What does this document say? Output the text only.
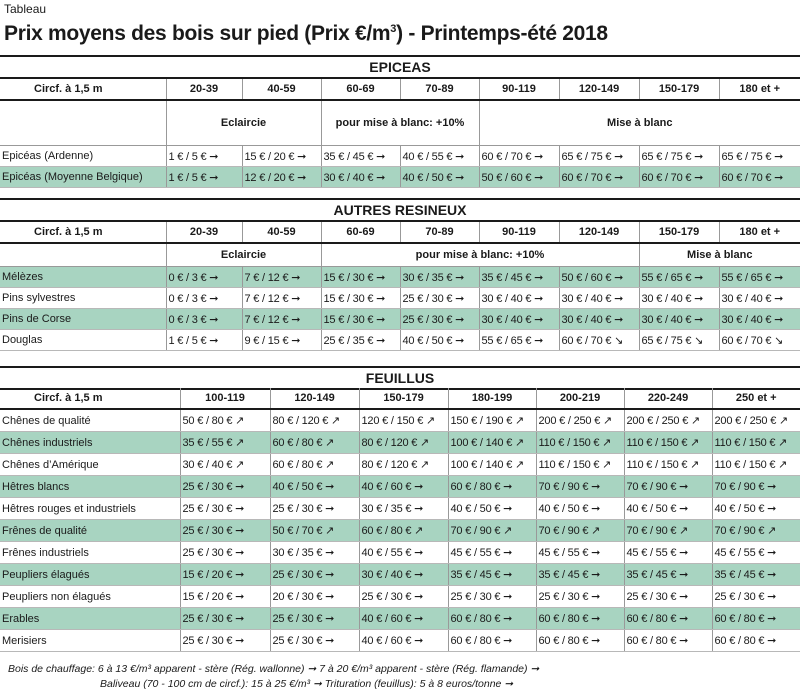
Tableau
Prix moyens des bois sur pied (Prix $€/m^3$) - Printemps-été 2018
EPICEAS
Circf. à 1,5 m	20-39	40-59	60-69	70-89	90-119	120-149	150-179	180 et +
	Eclaircie		pour mise à blanc: +10%		Mise à blanc			
Epicéas (Ardenne)	1 € / 5 € ➞	15 € / 20 € ➞	35 € / 45 € ➞	40 € / 55 € ➞	60 € / 70 € ➞	65 € / 75 € ➞	65 € / 75 € ➞	65 € / 75 € ➞
Epicéas (Moyenne Belgique)	1 € / 5 € ➞	12 € / 20 € ➞	30 € / 40 € ➞	40 € / 50 € ➞	50 € / 60 € ➞	60 € / 70 € ➞	60 € / 70 € ➞	60 € / 70 € ➞
AUTRES RESINEUX
Circf. à 1,5 m	20-39	40-59	60-69	70-89	90-119	120-149	150-179	180 et +
	Eclaircie		pour mise à blanc: +10%				Mise à blanc	
Mélèzes	0 € / 3 € ➞	7 € / 12 € ➞	15 € / 30 € ➞	30 € / 35 € ➞	35 € / 45 € ➞	50 € / 60 € ➞	55 € / 65 € ➞	55 € / 65 € ➞
Pins sylvestres	0 € / 3 € ➞	7 € / 12 € ➞	15 € / 30 € ➞	25 € / 30 € ➞	30 € / 40 € ➞	30 € / 40 € ➞	30 € / 40 € ➞	30 € / 40 € ➞
Pins de Corse	0 € / 3 € ➞	7 € / 12 € ➞	15 € / 30 € ➞	25 € / 30 € ➞	30 € / 40 € ➞	30 € / 40 € ➞	30 € / 40 € ➞	30 € / 40 € ➞
Douglas	1 € / 5 € ➞	9 € / 15 € ➞	25 € / 35 € ➞	40 € / 50 € ➞	55 € / 65 € ➞	60 € / 70 € ↘	65 € / 75 € ↘	60 € / 70 € ↘
FEUILLUS
Circf. à 1,5 m	100-119	120-149	150-179	180-199	200-219	220-249	250 et +
Chênes de qualité	50 € / 80 € ↗	80 € / 120 € ↗	120 € / 150 € ↗	150 € / 190 € ↗	200 € / 250 € ↗	200 € / 250 € ↗	200 € / 250 € ↗
Chênes industriels	35 € / 55 € ↗	60 € / 80 € ↗	80 € / 120 € ↗	100 € / 140 € ↗	110 € / 150 € ↗	110 € / 150 € ↗	110 € / 150 € ↗
Chênes d’Amérique	30 € / 40 € ↗	60 € / 80 € ↗	80 € / 120 € ↗	100 € / 140 € ↗	110 € / 150 € ↗	110 € / 150 € ↗	110 € / 150 € ↗
Hêtres blancs	25 € / 30 € ➞	40 € / 50 € ➞	40 € / 60 € ➞	60 € / 80 € ➞	70 € / 90 € ➞	70 € / 90 € ➞	70 € / 90 € ➞
Hêtres rouges et industriels	25 € / 30 € ➞	25 € / 30 € ➞	30 € / 35 € ➞	40 € / 50 € ➞	40 € / 50 € ➞	40 € / 50 € ➞	40 € / 50 € ➞
Frênes de qualité	25 € / 30 € ➞	50 € / 70 € ↗	60 € / 80 € ↗	70 € / 90 € ↗	70 € / 90 € ↗	70 € / 90 € ↗	70 € / 90 € ↗
Frênes industriels	25 € / 30 € ➞	30 € / 35 € ➞	40 € / 55 € ➞	45 € / 55 € ➞	45 € / 55 € ➞	45 € / 55 € ➞	45 € / 55 € ➞
Peupliers élagués	15 € / 20 € ➞	25 € / 30 € ➞	30 € / 40 € ➞	35 € / 45 € ➞	35 € / 45 € ➞	35 € / 45 € ➞	35 € / 45 € ➞
Peupliers non élagués	15 € / 20 € ➞	20 € / 30 € ➞	25 € / 30 € ➞	25 € / 30 € ➞	25 € / 30 € ➞	25 € / 30 € ➞	25 € / 30 € ➞
Erables	25 € / 30 € ➞	25 € / 30 € ➞	40 € / 60 € ➞	60 € / 80 € ➞	60 € / 80 € ➞	60 € / 80 € ➞	60 € / 80 € ➞
Merisiers	25 € / 30 € ➞	25 € / 30 € ➞	40 € / 60 € ➞	60 € / 80 € ➞	60 € / 80 € ➞	60 € / 80 € ➞	60 € / 80 € ➞
Bois de chauffage: 6 à 13 €/m³ apparent - stère (Rég. wallonne) ➞ 7 à 20 €/m³ apparent - stère (Rég. flamande) ➞
Baliveau (70 - 100 cm de circf.): 15 à 25 €/m³ ➞ Trituration (feuillus): 5 à 8 euros/tonne ➞
